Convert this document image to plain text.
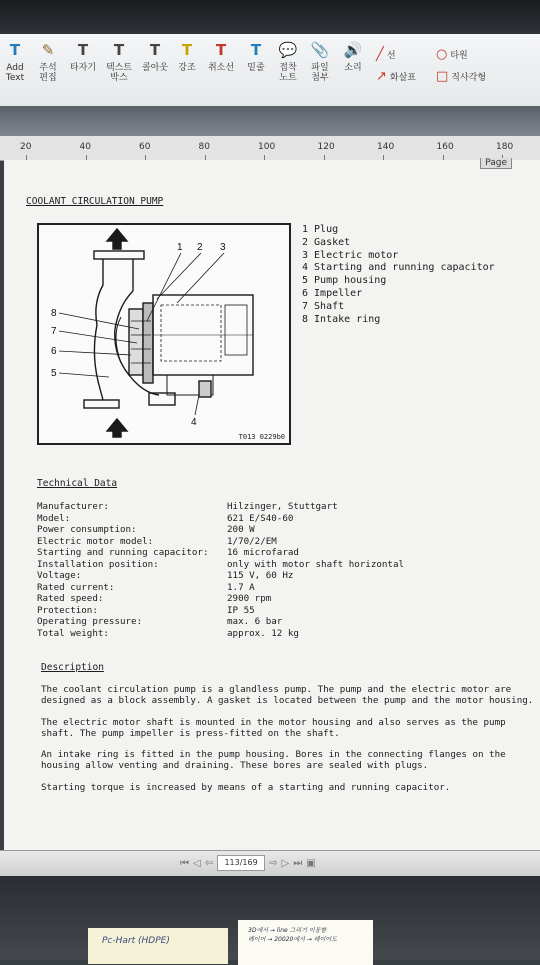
T
Add
Text
✎
주석
편집
T
타자기
T
텍스트
박스
T
콜아웃
T
강조
T
취소선
T
밑줄
💬
접착
노트
📎
파일
첨부
🔊
소리
╱ 선	○ 타원
↗ 화살표 □ 직사각형
20	40	60	80	100	120	140	160	180
Page
COOLANT CIRCULATION PUMP
1 2 3
8
7
6
5
4
T013 0229b0
1 Plug
2 Gasket
3 Electric motor
4 Starting and running capacitor
5 Pump housing
6 Impeller
7 Shaft
8 Intake ring
Technical Data
Manufacturer:	Hilzinger, Stuttgart
Model:	621 E/S40-60
Power consumption:	200 W
Electric motor model:	1/70/2/EM
Starting and running capacitor:	16 microfarad
Installation position:	only with motor shaft horizontal
Voltage:	115 V, 60 Hz
Rated current:	1.7 A
Rated speed:	2900 rpm
Protection:	IP 55
Operating pressure:	max. 6 bar
Total weight:	approx. 12 kg
Description

The coolant circulation pump is a glandless pump. The pump and the electric motor are designed as a block assembly. A gasket is located between the pump and the motor housing.

The electric motor shaft is mounted in the motor housing and also serves as the pump shaft. The pump impeller is press-fitted on the shaft.

An intake ring is fitted in the pump housing. Bores in the connecting flanges on the housing allow venting and draining. These bores are sealed with plugs.

Starting torque is increased by means of a starting and running capacitor.

⏮ ◁ ⇦	113/169	⇨ ▷ ⏭ ▣
Pc-Hart (HDPE)
3D에서 → line 그리기 이동함
레이어 → 20020에서 → 레이어도
